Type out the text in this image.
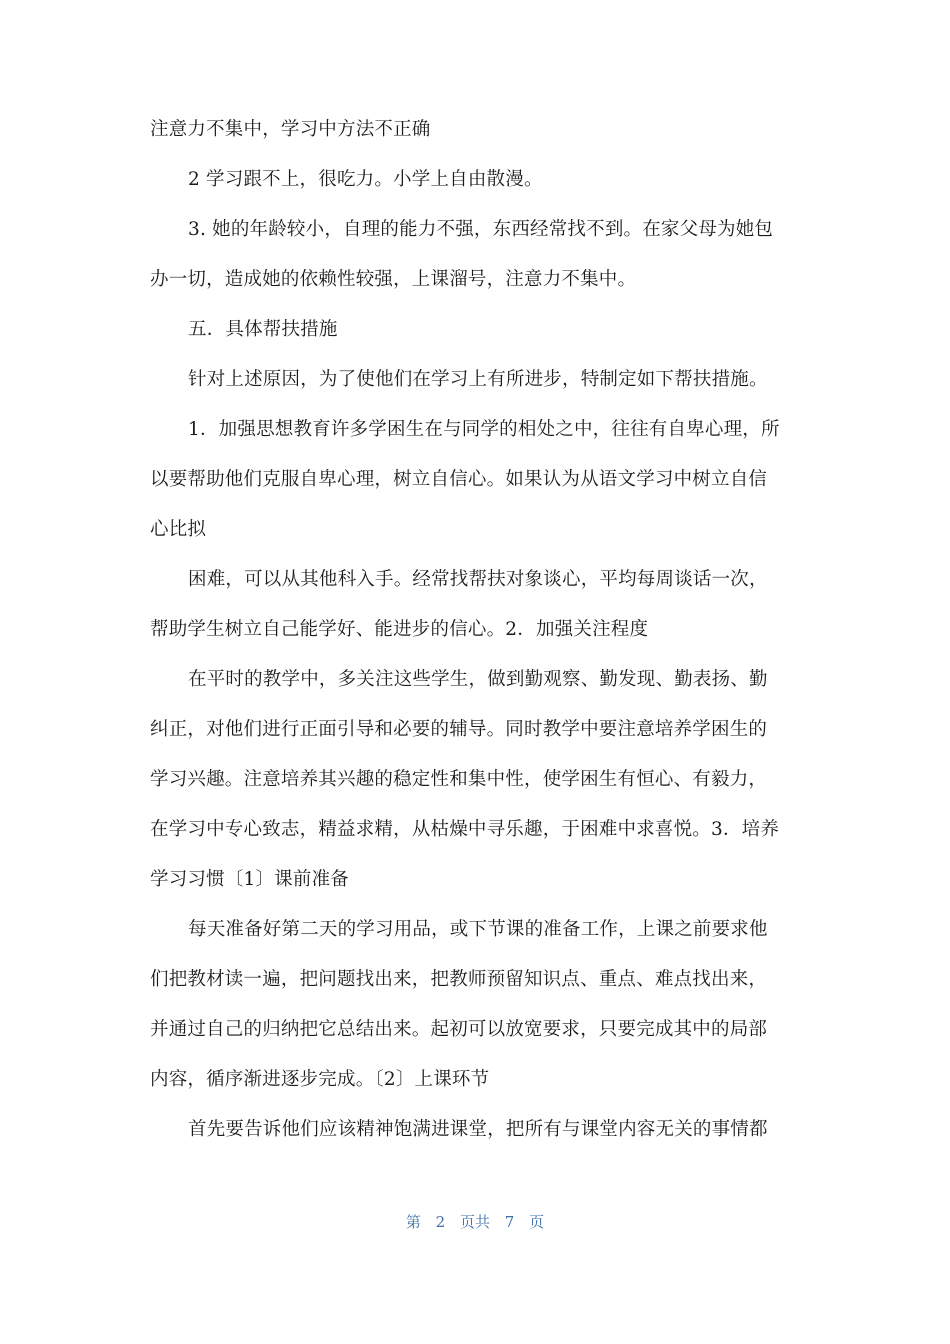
注意力不集中，学习中方法不正确
2 学习跟不上，很吃力。小学上自由散漫。
3. 她的年龄较小，自理的能力不强，东西经常找不到。在家父母为她包
办一切，造成她的依赖性较强，上课溜号，注意力不集中。
五．具体帮扶措施
针对上述原因，为了使他们在学习上有所进步，特制定如下帮扶措施。
1．加强思想教育许多学困生在与同学的相处之中，往往有自卑心理，所
以要帮助他们克服自卑心理，树立自信心。如果认为从语文学习中树立自信
心比拟
困难，可以从其他科入手。经常找帮扶对象谈心，平均每周谈话一次，
帮助学生树立自己能学好、能进步的信心。2．加强关注程度
在平时的教学中，多关注这些学生，做到勤观察、勤发现、勤表扬、勤
纠正，对他们进行正面引导和必要的辅导。同时教学中要注意培养学困生的
学习兴趣。注意培养其兴趣的稳定性和集中性，使学困生有恒心、有毅力，
在学习中专心致志，精益求精，从枯燥中寻乐趣，于困难中求喜悦。3．培养
学习习惯〔1〕课前准备
每天准备好第二天的学习用品，或下节课的准备工作，上课之前要求他
们把教材读一遍，把问题找出来，把教师预留知识点、重点、难点找出来，
并通过自己的归纳把它总结出来。起初可以放宽要求，只要完成其中的局部
内容，循序渐进逐步完成。〔2〕上课环节
首先要告诉他们应该精神饱满进课堂，把所有与课堂内容无关的事情都
第 2 页共 7 页
